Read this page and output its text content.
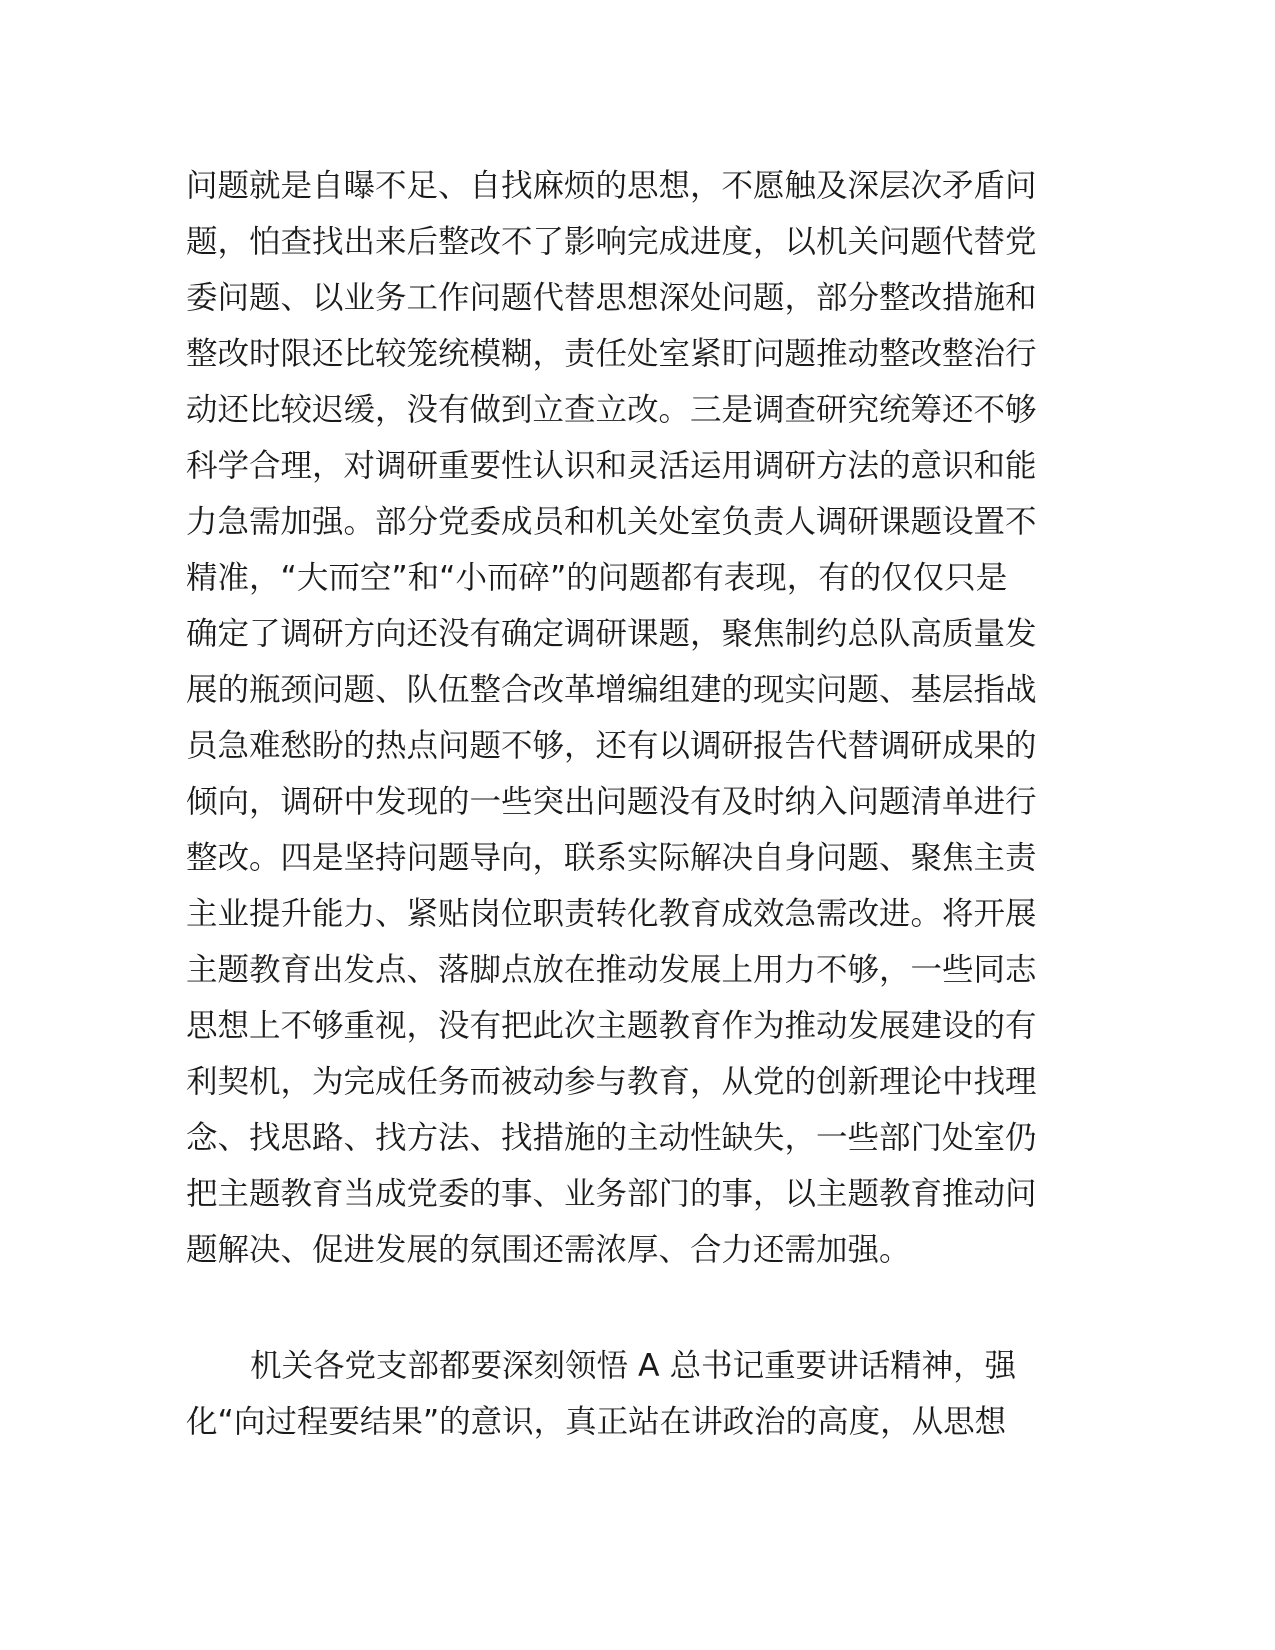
问题就是自曝不足、自找麻烦的思想，不愿触及深层次矛盾问
题，怕查找出来后整改不了影响完成进度，以机关问题代替党
委问题、以业务工作问题代替思想深处问题，部分整改措施和
整改时限还比较笼统模糊，责任处室紧盯问题推动整改整治行
动还比较迟缓，没有做到立查立改。三是调查研究统筹还不够
科学合理，对调研重要性认识和灵活运用调研方法的意识和能
力急需加强。部分党委成员和机关处室负责人调研课题设置不
精准，“大而空”和“小而碎”的问题都有表现，有的仅仅只是
确定了调研方向还没有确定调研课题，聚焦制约总队高质量发
展的瓶颈问题、队伍整合改革增编组建的现实问题、基层指战
员急难愁盼的热点问题不够，还有以调研报告代替调研成果的
倾向，调研中发现的一些突出问题没有及时纳入问题清单进行
整改。四是坚持问题导向，联系实际解决自身问题、聚焦主责
主业提升能力、紧贴岗位职责转化教育成效急需改进。将开展
主题教育出发点、落脚点放在推动发展上用力不够，一些同志
思想上不够重视，没有把此次主题教育作为推动发展建设的有
利契机，为完成任务而被动参与教育，从党的创新理论中找理
念、找思路、找方法、找措施的主动性缺失，一些部门处室仍
把主题教育当成党委的事、业务部门的事，以主题教育推动问
题解决、促进发展的氛围还需浓厚、合力还需加强。
机关各党支部都要深刻领悟 A 总书记重要讲话精神，强
化“向过程要结果”的意识，真正站在讲政治的高度，从思想
